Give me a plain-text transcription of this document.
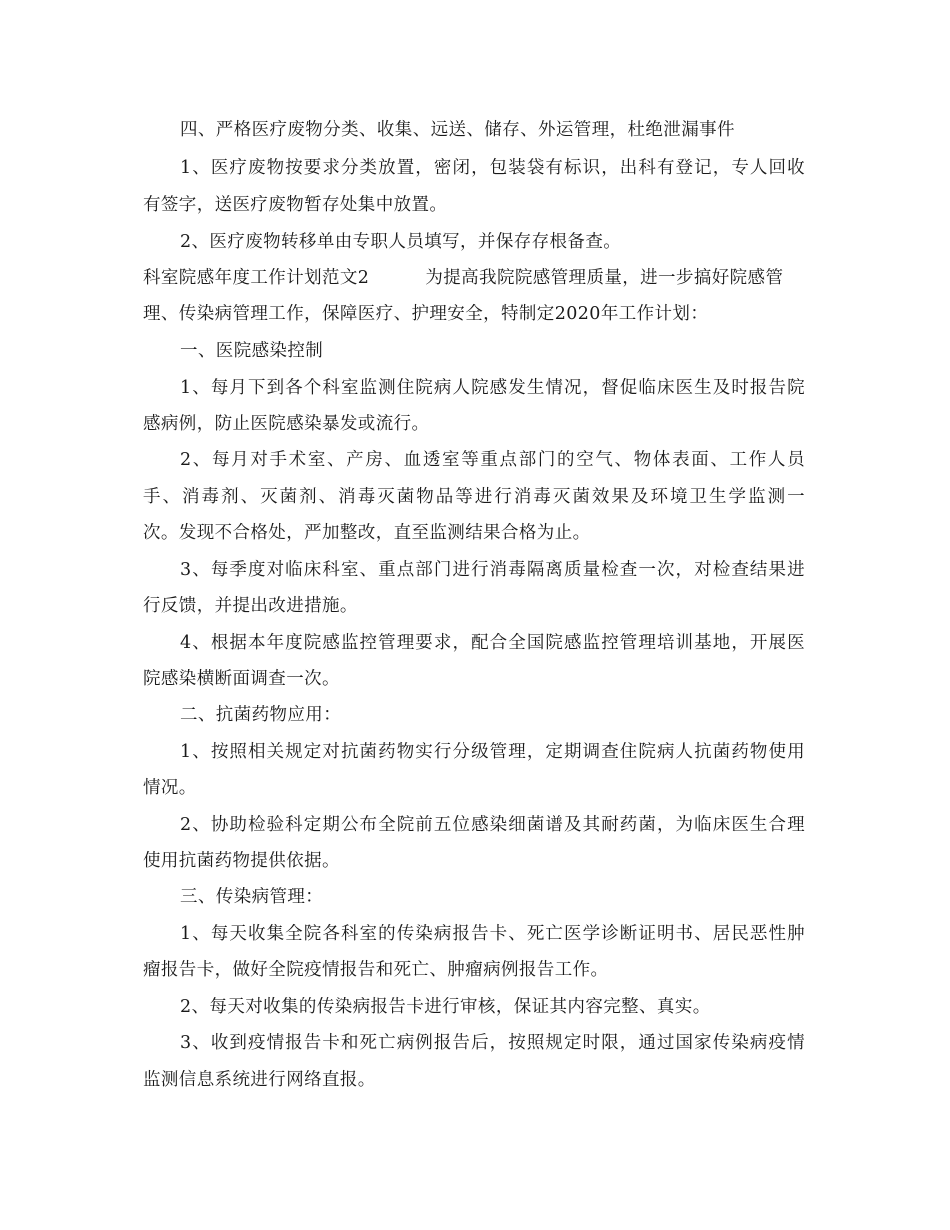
四、严格医疗废物分类、收集、远送、储存、外运管理，杜绝泄漏事件
1、医疗废物按要求分类放置，密闭，包装袋有标识，出科有登记，专人回收
有签字，送医疗废物暂存处集中放置。
2、医疗废物转移单由专职人员填写，并保存存根备查。
科室院感年度工作计划范文2	为提高我院院感管理质量，进一步搞好院感管
理、传染病管理工作，保障医疗、护理安全，特制定2020年工作计划：
一、医院感染控制
1、每月下到各个科室监测住院病人院感发生情况，督促临床医生及时报告院
感病例，防止医院感染暴发或流行。
2、每月对手术室、产房、血透室等重点部门的空气、物体表面、工作人员
手、消毒剂、灭菌剂、消毒灭菌物品等进行消毒灭菌效果及环境卫生学监测一
次。发现不合格处，严加整改，直至监测结果合格为止。
3、每季度对临床科室、重点部门进行消毒隔离质量检查一次，对检查结果进
行反馈，并提出改进措施。
4、根据本年度院感监控管理要求，配合全国院感监控管理培训基地，开展医
院感染横断面调查一次。
二、抗菌药物应用：
1、按照相关规定对抗菌药物实行分级管理，定期调查住院病人抗菌药物使用
情况。
2、协助检验科定期公布全院前五位感染细菌谱及其耐药菌，为临床医生合理
使用抗菌药物提供依据。
三、传染病管理：
1、每天收集全院各科室的传染病报告卡、死亡医学诊断证明书、居民恶性肿
瘤报告卡，做好全院疫情报告和死亡、肿瘤病例报告工作。
2、每天对收集的传染病报告卡进行审核，保证其内容完整、真实。
3、收到疫情报告卡和死亡病例报告后，按照规定时限，通过国家传染病疫情
监测信息系统进行网络直报。
